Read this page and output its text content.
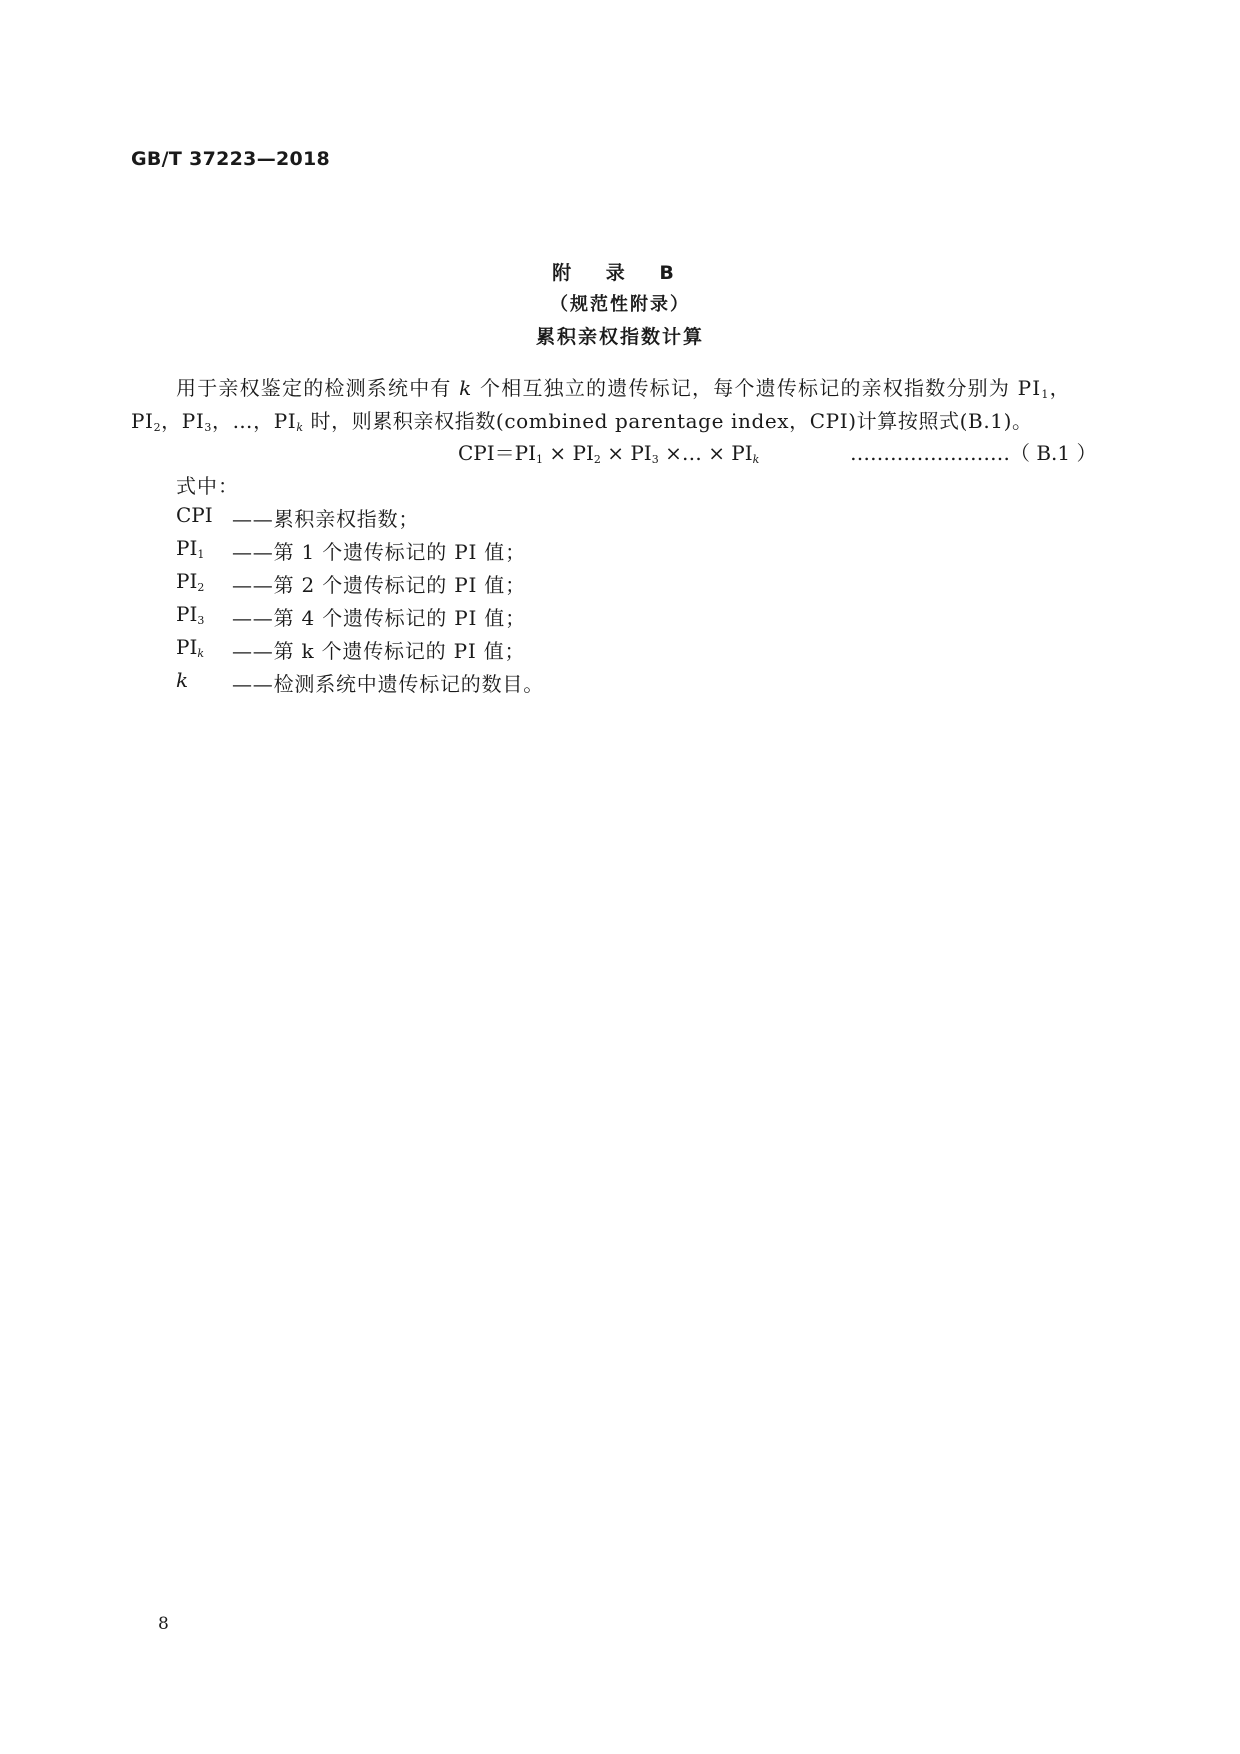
GB/T 37223—2018
附 录 B
（规范性附录）
累积亲权指数计算
用于亲权鉴定的检测系统中有 k 个相互独立的遗传标记，每个遗传标记的亲权指数分别为 $PI_1$，
$PI_2$，$PI_3$，…，$PI_k$ 时，则累积亲权指数(combined parentage index，CPI)计算按照式(B.1)。
$CPI=PI_1 \times PI_2 \times PI_3$ ×… × $PI_k$	……………………（ B.1 ）
式中：
CPI ——累积亲权指数；
$PI_1$ ——第 1 个遗传标记的 PI 值；
$PI_2$ ——第 2 个遗传标记的 PI 值；
$PI_3$ ——第 4 个遗传标记的 PI 值；
$PI_k$ ——第 k 个遗传标记的 PI 值；
k ——检测系统中遗传标记的数目。
8
